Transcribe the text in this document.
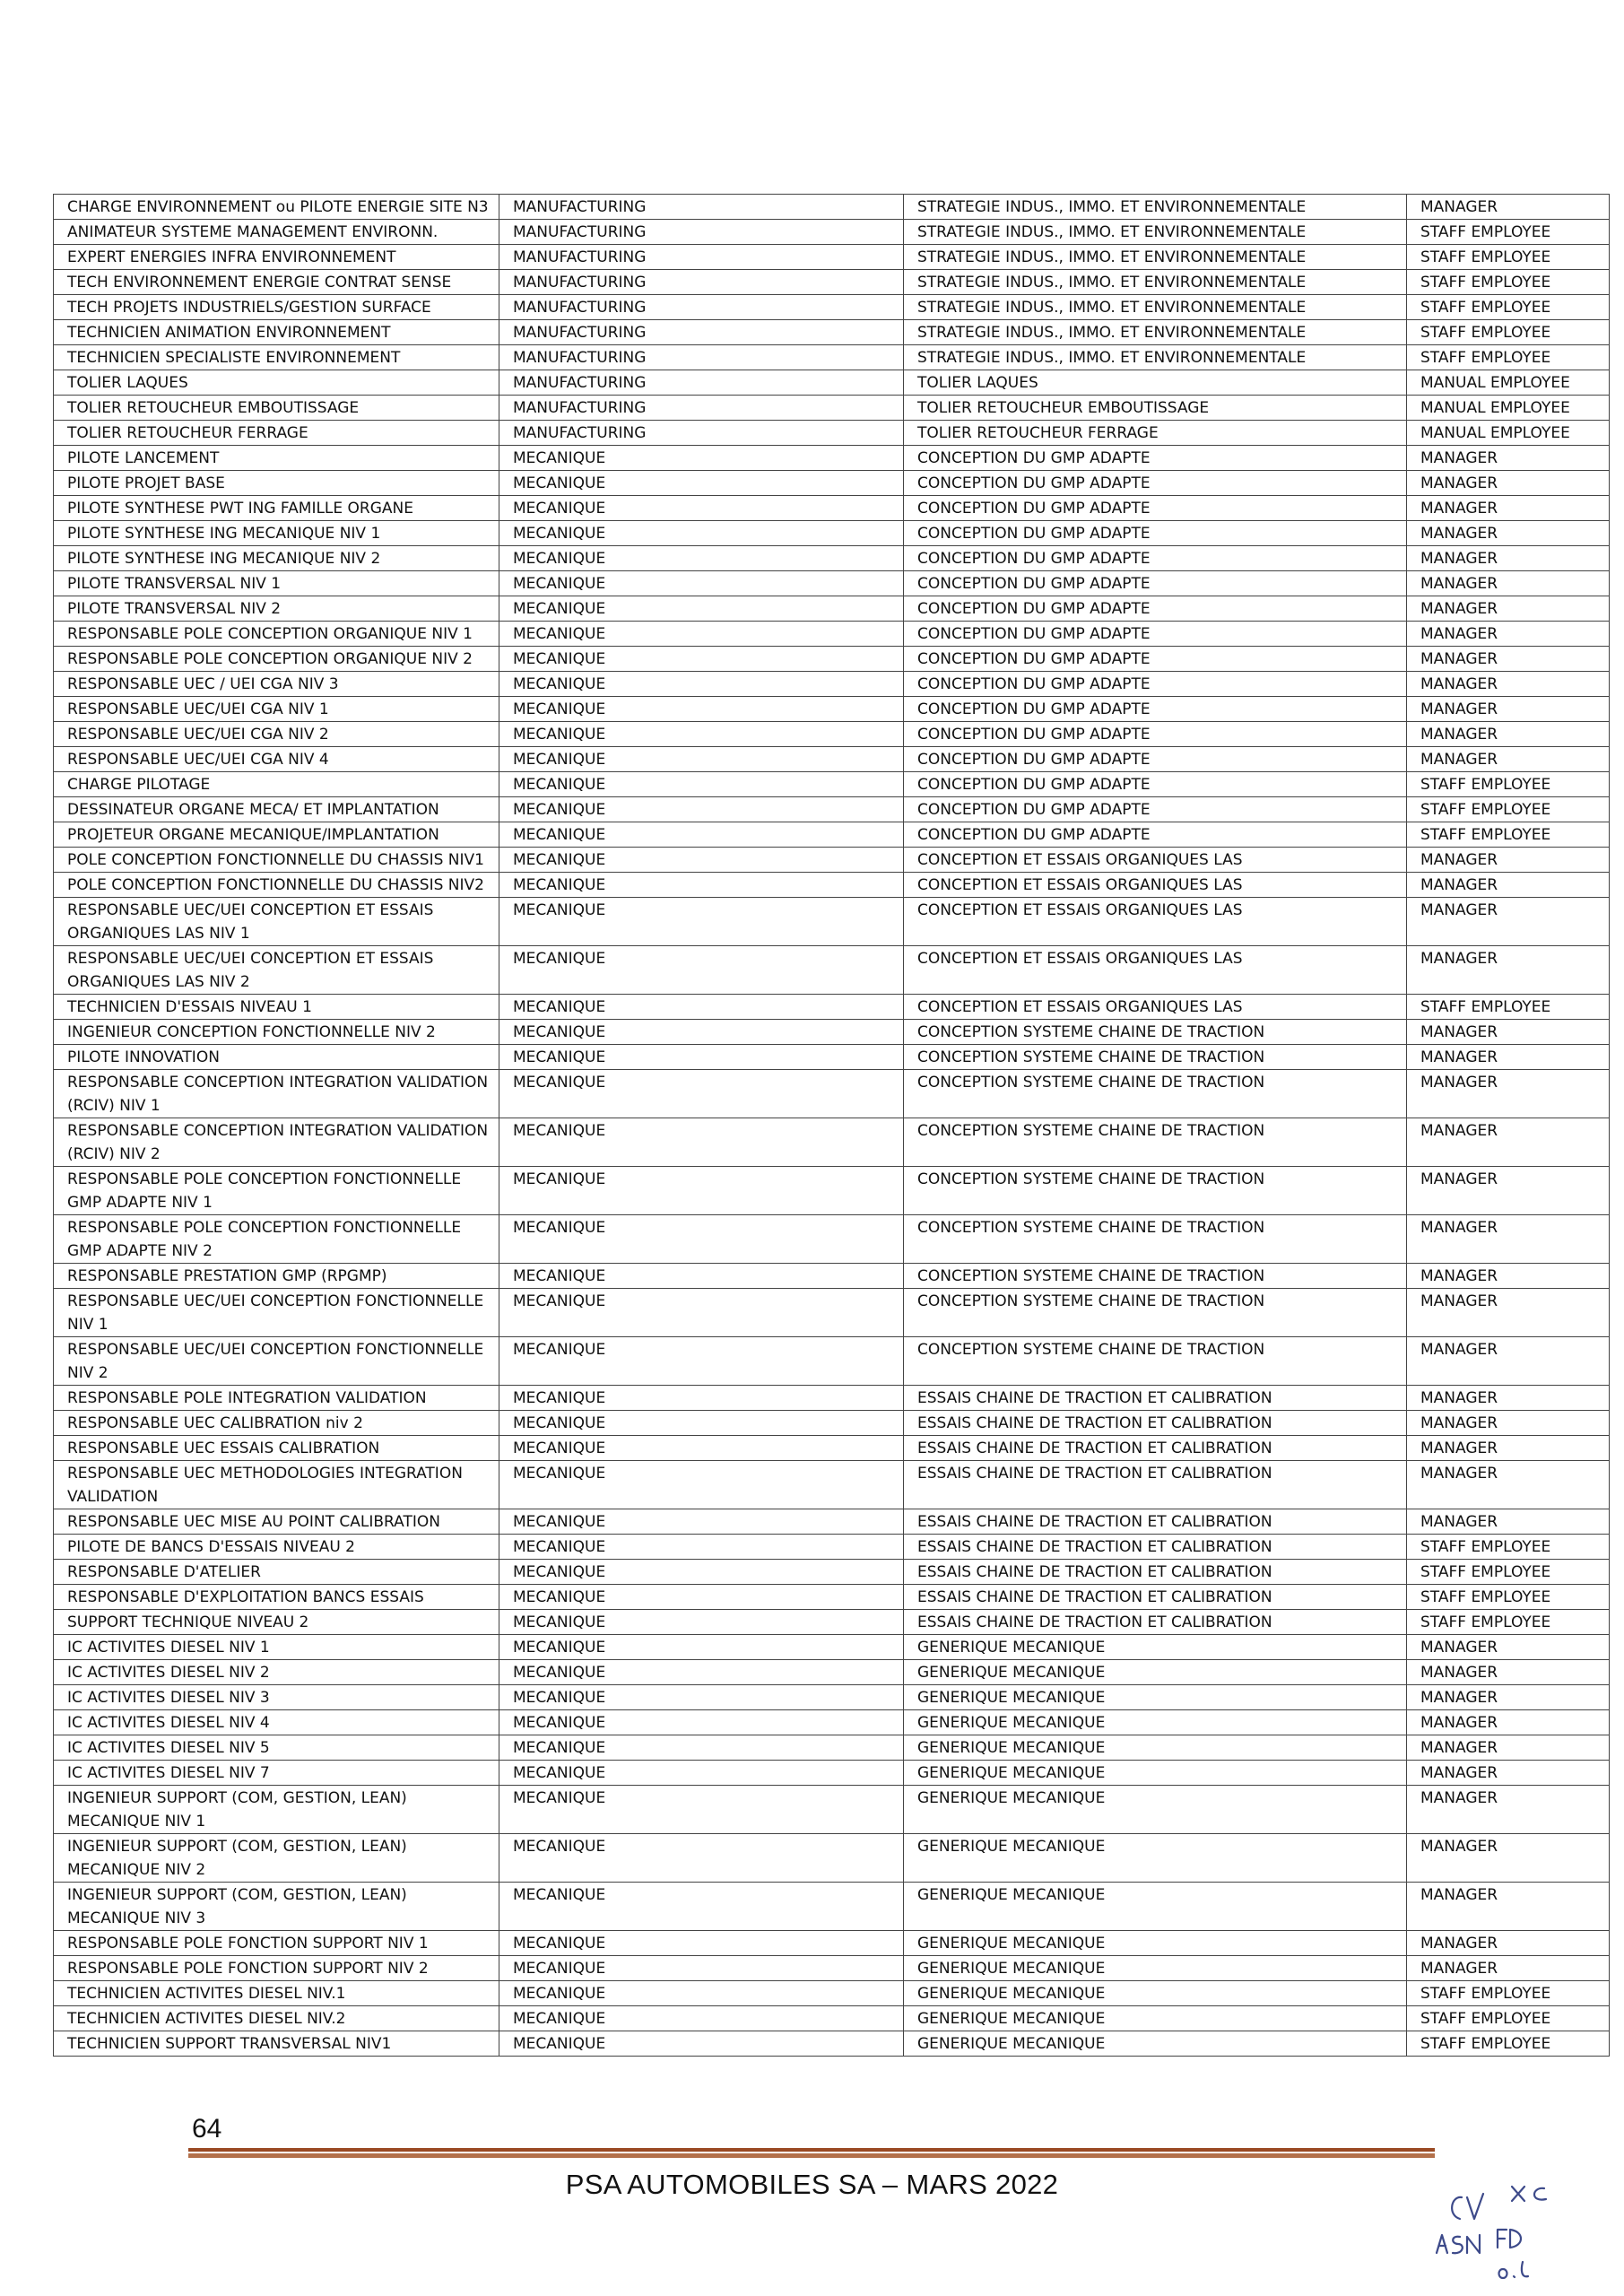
CHARGE ENVIRONNEMENT ou PILOTE ENERGIE SITE N3	MANUFACTURING	STRATEGIE INDUS., IMMO. ET ENVIRONNEMENTALE	MANAGER
ANIMATEUR SYSTEME MANAGEMENT ENVIRONN.	MANUFACTURING	STRATEGIE INDUS., IMMO. ET ENVIRONNEMENTALE	STAFF EMPLOYEE
EXPERT ENERGIES INFRA ENVIRONNEMENT	MANUFACTURING	STRATEGIE INDUS., IMMO. ET ENVIRONNEMENTALE	STAFF EMPLOYEE
TECH ENVIRONNEMENT ENERGIE CONTRAT SENSE	MANUFACTURING	STRATEGIE INDUS., IMMO. ET ENVIRONNEMENTALE	STAFF EMPLOYEE
TECH PROJETS INDUSTRIELS/GESTION SURFACE	MANUFACTURING	STRATEGIE INDUS., IMMO. ET ENVIRONNEMENTALE	STAFF EMPLOYEE
TECHNICIEN ANIMATION ENVIRONNEMENT	MANUFACTURING	STRATEGIE INDUS., IMMO. ET ENVIRONNEMENTALE	STAFF EMPLOYEE
TECHNICIEN SPECIALISTE ENVIRONNEMENT	MANUFACTURING	STRATEGIE INDUS., IMMO. ET ENVIRONNEMENTALE	STAFF EMPLOYEE
TOLIER LAQUES	MANUFACTURING	TOLIER LAQUES	MANUAL EMPLOYEE
TOLIER RETOUCHEUR EMBOUTISSAGE	MANUFACTURING	TOLIER RETOUCHEUR EMBOUTISSAGE	MANUAL EMPLOYEE
TOLIER RETOUCHEUR FERRAGE	MANUFACTURING	TOLIER RETOUCHEUR FERRAGE	MANUAL EMPLOYEE
PILOTE LANCEMENT	MECANIQUE	CONCEPTION DU GMP ADAPTE	MANAGER
PILOTE PROJET BASE	MECANIQUE	CONCEPTION DU GMP ADAPTE	MANAGER
PILOTE SYNTHESE PWT ING FAMILLE ORGANE	MECANIQUE	CONCEPTION DU GMP ADAPTE	MANAGER
PILOTE SYNTHESE ING MECANIQUE NIV 1	MECANIQUE	CONCEPTION DU GMP ADAPTE	MANAGER
PILOTE SYNTHESE ING MECANIQUE NIV 2	MECANIQUE	CONCEPTION DU GMP ADAPTE	MANAGER
PILOTE TRANSVERSAL NIV 1	MECANIQUE	CONCEPTION DU GMP ADAPTE	MANAGER
PILOTE TRANSVERSAL NIV 2	MECANIQUE	CONCEPTION DU GMP ADAPTE	MANAGER
RESPONSABLE POLE CONCEPTION ORGANIQUE NIV 1	MECANIQUE	CONCEPTION DU GMP ADAPTE	MANAGER
RESPONSABLE POLE CONCEPTION ORGANIQUE NIV 2	MECANIQUE	CONCEPTION DU GMP ADAPTE	MANAGER
RESPONSABLE UEC / UEI CGA NIV 3	MECANIQUE	CONCEPTION DU GMP ADAPTE	MANAGER
RESPONSABLE UEC/UEI CGA NIV 1	MECANIQUE	CONCEPTION DU GMP ADAPTE	MANAGER
RESPONSABLE UEC/UEI CGA NIV 2	MECANIQUE	CONCEPTION DU GMP ADAPTE	MANAGER
RESPONSABLE UEC/UEI CGA NIV 4	MECANIQUE	CONCEPTION DU GMP ADAPTE	MANAGER
CHARGE PILOTAGE	MECANIQUE	CONCEPTION DU GMP ADAPTE	STAFF EMPLOYEE
DESSINATEUR ORGANE MECA/ ET IMPLANTATION	MECANIQUE	CONCEPTION DU GMP ADAPTE	STAFF EMPLOYEE
PROJETEUR ORGANE MECANIQUE/IMPLANTATION	MECANIQUE	CONCEPTION DU GMP ADAPTE	STAFF EMPLOYEE
POLE CONCEPTION FONCTIONNELLE DU CHASSIS NIV1	MECANIQUE	CONCEPTION ET ESSAIS ORGANIQUES LAS	MANAGER
POLE CONCEPTION FONCTIONNELLE DU CHASSIS NIV2	MECANIQUE	CONCEPTION ET ESSAIS ORGANIQUES LAS	MANAGER
RESPONSABLE UEC/UEI CONCEPTION ET ESSAIS ORGANIQUES LAS NIV 1	MECANIQUE	CONCEPTION ET ESSAIS ORGANIQUES LAS	MANAGER
RESPONSABLE UEC/UEI CONCEPTION ET ESSAIS ORGANIQUES LAS NIV 2	MECANIQUE	CONCEPTION ET ESSAIS ORGANIQUES LAS	MANAGER
TECHNICIEN D'ESSAIS NIVEAU 1	MECANIQUE	CONCEPTION ET ESSAIS ORGANIQUES LAS	STAFF EMPLOYEE
INGENIEUR CONCEPTION FONCTIONNELLE NIV 2	MECANIQUE	CONCEPTION SYSTEME CHAINE DE TRACTION	MANAGER
PILOTE INNOVATION	MECANIQUE	CONCEPTION SYSTEME CHAINE DE TRACTION	MANAGER
RESPONSABLE CONCEPTION INTEGRATION VALIDATION (RCIV) NIV 1	MECANIQUE	CONCEPTION SYSTEME CHAINE DE TRACTION	MANAGER
RESPONSABLE CONCEPTION INTEGRATION VALIDATION (RCIV) NIV 2	MECANIQUE	CONCEPTION SYSTEME CHAINE DE TRACTION	MANAGER
RESPONSABLE POLE CONCEPTION FONCTIONNELLE GMP ADAPTE NIV 1	MECANIQUE	CONCEPTION SYSTEME CHAINE DE TRACTION	MANAGER
RESPONSABLE POLE CONCEPTION FONCTIONNELLE GMP ADAPTE NIV 2	MECANIQUE	CONCEPTION SYSTEME CHAINE DE TRACTION	MANAGER
RESPONSABLE PRESTATION GMP (RPGMP)	MECANIQUE	CONCEPTION SYSTEME CHAINE DE TRACTION	MANAGER
RESPONSABLE UEC/UEI CONCEPTION FONCTIONNELLE NIV 1	MECANIQUE	CONCEPTION SYSTEME CHAINE DE TRACTION	MANAGER
RESPONSABLE UEC/UEI CONCEPTION FONCTIONNELLE NIV 2	MECANIQUE	CONCEPTION SYSTEME CHAINE DE TRACTION	MANAGER
RESPONSABLE POLE INTEGRATION VALIDATION	MECANIQUE	ESSAIS CHAINE DE TRACTION ET CALIBRATION	MANAGER
RESPONSABLE UEC CALIBRATION niv 2	MECANIQUE	ESSAIS CHAINE DE TRACTION ET CALIBRATION	MANAGER
RESPONSABLE UEC ESSAIS CALIBRATION	MECANIQUE	ESSAIS CHAINE DE TRACTION ET CALIBRATION	MANAGER
RESPONSABLE UEC METHODOLOGIES INTEGRATION VALIDATION	MECANIQUE	ESSAIS CHAINE DE TRACTION ET CALIBRATION	MANAGER
RESPONSABLE UEC MISE AU POINT CALIBRATION	MECANIQUE	ESSAIS CHAINE DE TRACTION ET CALIBRATION	MANAGER
PILOTE DE BANCS D'ESSAIS NIVEAU 2	MECANIQUE	ESSAIS CHAINE DE TRACTION ET CALIBRATION	STAFF EMPLOYEE
RESPONSABLE D'ATELIER	MECANIQUE	ESSAIS CHAINE DE TRACTION ET CALIBRATION	STAFF EMPLOYEE
RESPONSABLE D'EXPLOITATION BANCS ESSAIS	MECANIQUE	ESSAIS CHAINE DE TRACTION ET CALIBRATION	STAFF EMPLOYEE
SUPPORT TECHNIQUE NIVEAU 2	MECANIQUE	ESSAIS CHAINE DE TRACTION ET CALIBRATION	STAFF EMPLOYEE
IC ACTIVITES DIESEL NIV 1	MECANIQUE	GENERIQUE MECANIQUE	MANAGER
IC ACTIVITES DIESEL NIV 2	MECANIQUE	GENERIQUE MECANIQUE	MANAGER
IC ACTIVITES DIESEL NIV 3	MECANIQUE	GENERIQUE MECANIQUE	MANAGER
IC ACTIVITES DIESEL NIV 4	MECANIQUE	GENERIQUE MECANIQUE	MANAGER
IC ACTIVITES DIESEL NIV 5	MECANIQUE	GENERIQUE MECANIQUE	MANAGER
IC ACTIVITES DIESEL NIV 7	MECANIQUE	GENERIQUE MECANIQUE	MANAGER
INGENIEUR SUPPORT (COM, GESTION, LEAN) MECANIQUE NIV 1	MECANIQUE	GENERIQUE MECANIQUE	MANAGER
INGENIEUR SUPPORT (COM, GESTION, LEAN) MECANIQUE NIV 2	MECANIQUE	GENERIQUE MECANIQUE	MANAGER
INGENIEUR SUPPORT (COM, GESTION, LEAN) MECANIQUE NIV 3	MECANIQUE	GENERIQUE MECANIQUE	MANAGER
RESPONSABLE POLE FONCTION SUPPORT NIV 1	MECANIQUE	GENERIQUE MECANIQUE	MANAGER
RESPONSABLE POLE FONCTION SUPPORT NIV 2	MECANIQUE	GENERIQUE MECANIQUE	MANAGER
TECHNICIEN ACTIVITES DIESEL NIV.1	MECANIQUE	GENERIQUE MECANIQUE	STAFF EMPLOYEE
TECHNICIEN ACTIVITES DIESEL NIV.2	MECANIQUE	GENERIQUE MECANIQUE	STAFF EMPLOYEE
TECHNICIEN SUPPORT TRANSVERSAL NIV1	MECANIQUE	GENERIQUE MECANIQUE	STAFF EMPLOYEE
64
PSA AUTOMOBILES SA – MARS 2022
